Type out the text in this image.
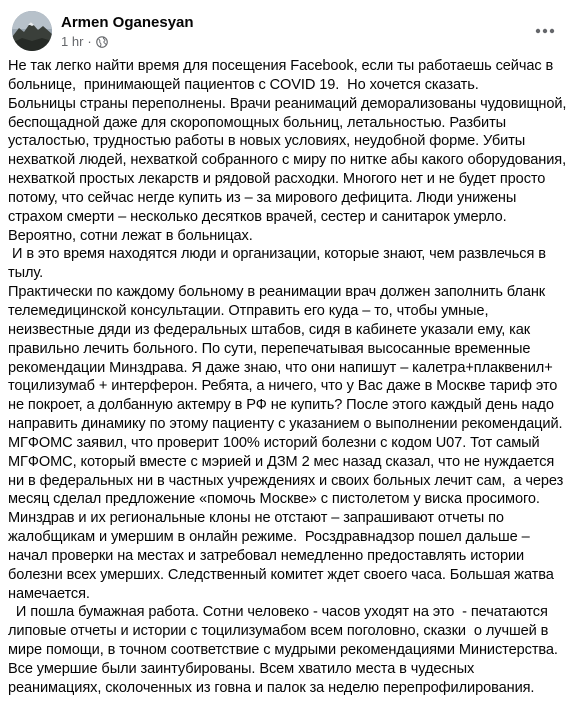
Armen Oganesyan
1 hr ·

Не так легко найти время для посещения Facebook, если ты работаешь сейчас в больнице,  принимающей пациентов с COVID 19.  Но хочется сказать.

Больницы страны переполнены. Врачи реанимаций деморализованы чудовищной, беспощадной даже для скоропомощных больниц, летальностью. Разбиты усталостью, трудностью работы в новых условиях, неудобной форме. Убиты нехваткой людей, нехваткой собранного с миру по нитке абы какого оборудования, нехваткой простых лекарств и рядовой расходки. Многого нет и не будет просто потому, что сейчас негде купить из – за мирового дефицита. Люди унижены страхом смерти – несколько десятков врачей, сестер и санитарок умерло.  Вероятно, сотни лежат в больницах.

И в это время находятся люди и организации, которые знают, чем развлечься в тылу.

Практически по каждому больному в реанимации врач должен заполнить бланк телемедицинской консультации. Отправить его куда – то, чтобы умные, неизвестные дяди из федеральных штабов, сидя в кабинете указали ему, как правильно лечить больного. По сути, перепечатывая высосанные временные рекомендации Минздрава. Я даже знаю, что они напишут – калетра+плаквенил+ тоцилизумаб + интерферон. Ребята, а ничего, что у Вас даже в Москве тариф это не покроет, а долбанную актемру в РФ не купить? После этого каждый день надо направить динамику по этому пациенту с указанием о выполнении рекомендаций. МГФОМС заявил, что проверит 100% историй болезни с кодом U07. Тот самый МГФОМС, который вместе с мэрией и ДЗМ 2 мес назад сказал, что не нуждается ни в федеральных ни в частных учреждениях и своих больных лечит сам,  а через месяц сделал предложение «помочь Москве» с пистолетом у виска просимого. Минздрав и их региональные клоны не отстают – запрашивают отчеты по жалобщикам и умершим в онлайн режиме.  Росздравнадзор пошел дальше – начал проверки на местах и затребовал немедленно предоставлять истории болезни всех умерших. Следственный комитет ждет своего часа. Большая жатва намечается.

И пошла бумажная работа. Сотни человеко - часов уходят на это  - печатаются липовые отчеты и истории с тоцилизумабом всем поголовно, сказки  о лучшей в мире помощи, в точном соответствие с мудрыми рекомендациями Министерства. Все умершие были заинтубированы. Всем хватило места в чудесных реанимациях, сколоченных из говна и палок за неделю перепрофилирования.
